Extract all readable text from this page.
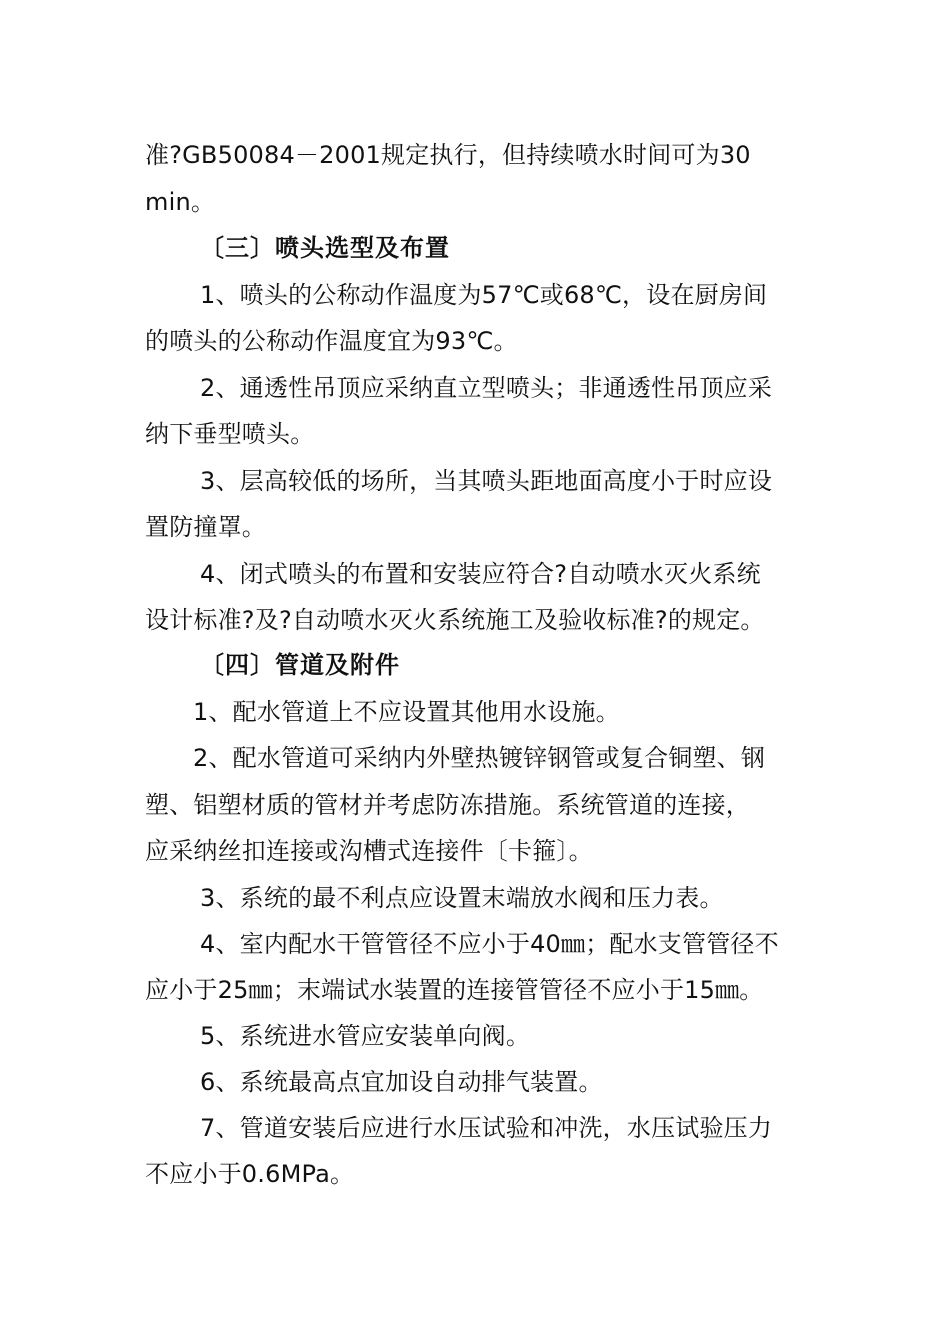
准?GB50084－2001规定执行，但持续喷水时间可为30
min。
〔三〕喷头选型及布置
1、喷头的公称动作温度为57℃或68℃，设在厨房间
的喷头的公称动作温度宜为93℃。
2、通透性吊顶应采纳直立型喷头；非通透性吊顶应采
纳下垂型喷头。
3、层高较低的场所，当其喷头距地面高度小于时应设
置防撞罩。
4、闭式喷头的布置和安装应符合?自动喷水灭火系统
设计标准?及?自动喷水灭火系统施工及验收标准?的规定。
〔四〕管道及附件
1、配水管道上不应设置其他用水设施。
2、配水管道可采纳内外壁热镀锌钢管或复合铜塑、钢
塑、铝塑材质的管材并考虑防冻措施。系统管道的连接，
应采纳丝扣连接或沟槽式连接件〔卡箍〕。
3、系统的最不利点应设置末端放水阀和压力表。
4、室内配水干管管径不应小于40㎜；配水支管管径不
应小于25㎜；末端试水装置的连接管管径不应小于15㎜。
5、系统进水管应安装单向阀。
6、系统最高点宜加设自动排气装置。
7、管道安装后应进行水压试验和冲洗，水压试验压力
不应小于0.6MPa。
